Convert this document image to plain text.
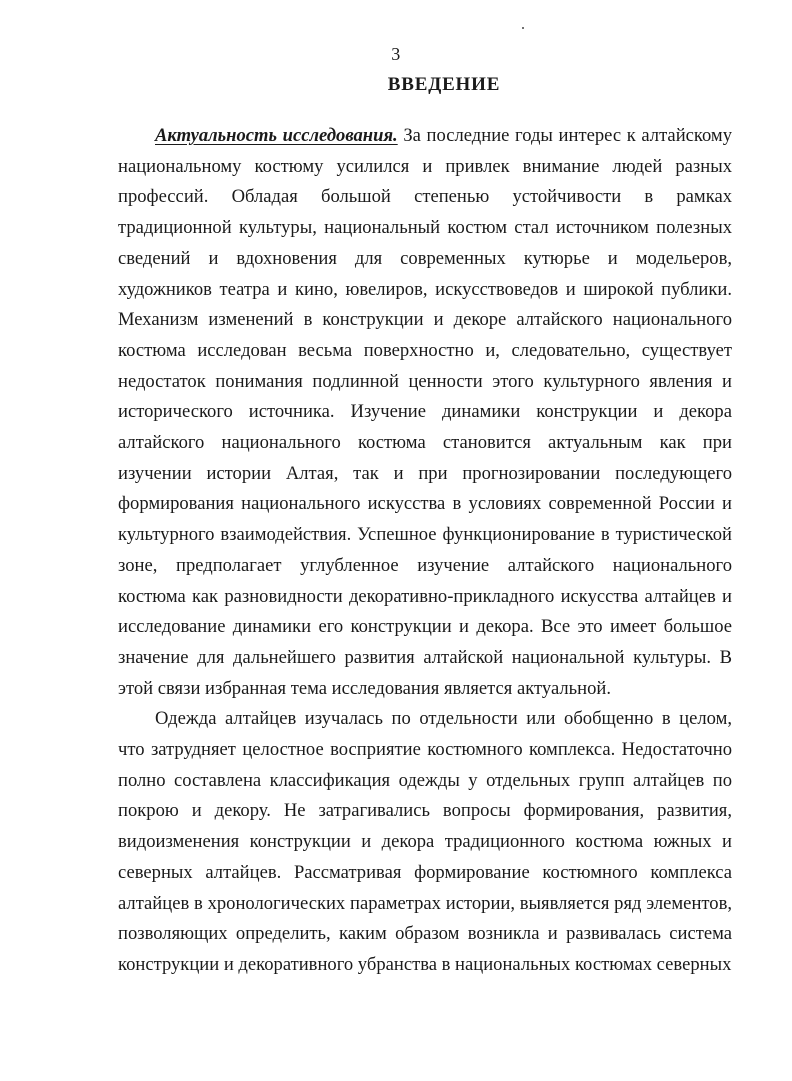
3
ВВЕДЕНИЕ

Актуальность исследования. За последние годы интерес к алтайскому национальному костюму усилился и привлек внимание людей разных профессий. Обладая большой степенью устойчивости в рамках традиционной культуры, национальный костюм стал источником полезных сведений и вдохновения для современных кутюрье и модельеров, художников театра и кино, ювелиров, искусствоведов и широкой публики. Механизм изменений в конструкции и декоре алтайского национального костюма исследован весьма поверхностно и, следовательно, существует недостаток понимания подлинной ценности этого культурного явления и исторического источника. Изучение динамики конструкции и декора алтайского национального костюма становится актуальным как при изучении истории Алтая, так и при прогнозировании последующего формирования национального искусства в условиях современной России и культурного взаимодействия. Успешное функционирование в туристической зоне, предполагает углубленное изучение алтайского национального костюма как разновидности декоративно-прикладного искусства алтайцев и исследование динамики его конструкции и декора. Все это имеет большое значение для дальнейшего развития алтайской национальной культуры. В этой связи избранная тема исследования является актуальной.

Одежда алтайцев изучалась по отдельности или обобщенно в целом, что затрудняет целостное восприятие костюмного комплекса. Недостаточно полно составлена классификация одежды у отдельных групп алтайцев по покрою и декору. Не затрагивались вопросы формирования, развития, видоизменения конструкции и декора традиционного костюма южных и северных алтайцев. Рассматривая формирование костюмного комплекса алтайцев в хронологических параметрах истории, выявляется ряд элементов, позволяющих определить, каким образом возникла и развивалась система конструкции и декоративного убранства в национальных костюмах северных
